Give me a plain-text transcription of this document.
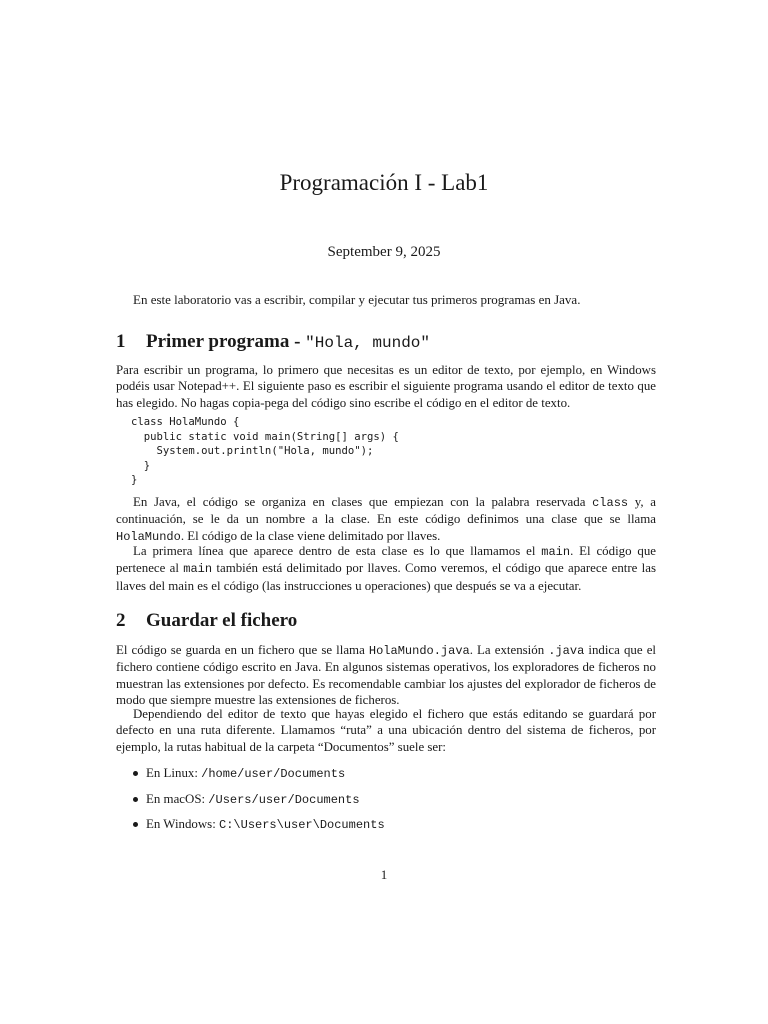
Programación I - Lab1
September 9, 2025
En este laboratorio vas a escribir, compilar y ejecutar tus primeros programas en Java.
1 Primer programa - "Hola, mundo"
Para escribir un programa, lo primero que necesitas es un editor de texto, por ejemplo, en Windows podéis usar Notepad++. El siguiente paso es escribir el siguiente programa usando el editor de texto que has elegido. No hagas copia-pega del código sino escribe el código en el editor de texto.
class HolaMundo {
public static void main(String[] args) {
System.out.println("Hola, mundo");
}
}
En Java, el código se organiza en clases que empiezan con la palabra reservada class y, a continuación, se le da un nombre a la clase. En este código definimos una clase que se llama HolaMundo. El código de la clase viene delimitado por llaves.
La primera línea que aparece dentro de esta clase es lo que llamamos el main. El código que pertenece al main también está delimitado por llaves. Como veremos, el código que aparece entre las llaves del main es el código (las instrucciones u operaciones) que después se va a ejecutar.
2 Guardar el fichero
El código se guarda en un fichero que se llama HolaMundo.java. La extensión .java indica que el fichero contiene código escrito en Java. En algunos sistemas operativos, los exploradores de ficheros no muestran las extensiones por defecto. Es recomendable cambiar los ajustes del explorador de ficheros de modo que siempre muestre las extensiones de ficheros.
Dependiendo del editor de texto que hayas elegido el fichero que estás editando se guardará por defecto en una ruta diferente. Llamamos “ruta” a una ubicación dentro del sistema de ficheros, por ejemplo, la rutas habitual de la carpeta “Documentos” suele ser:
En Linux: /home/user/Documents
En macOS: /Users/user/Documents
En Windows: C:\Users\user\Documents
1
